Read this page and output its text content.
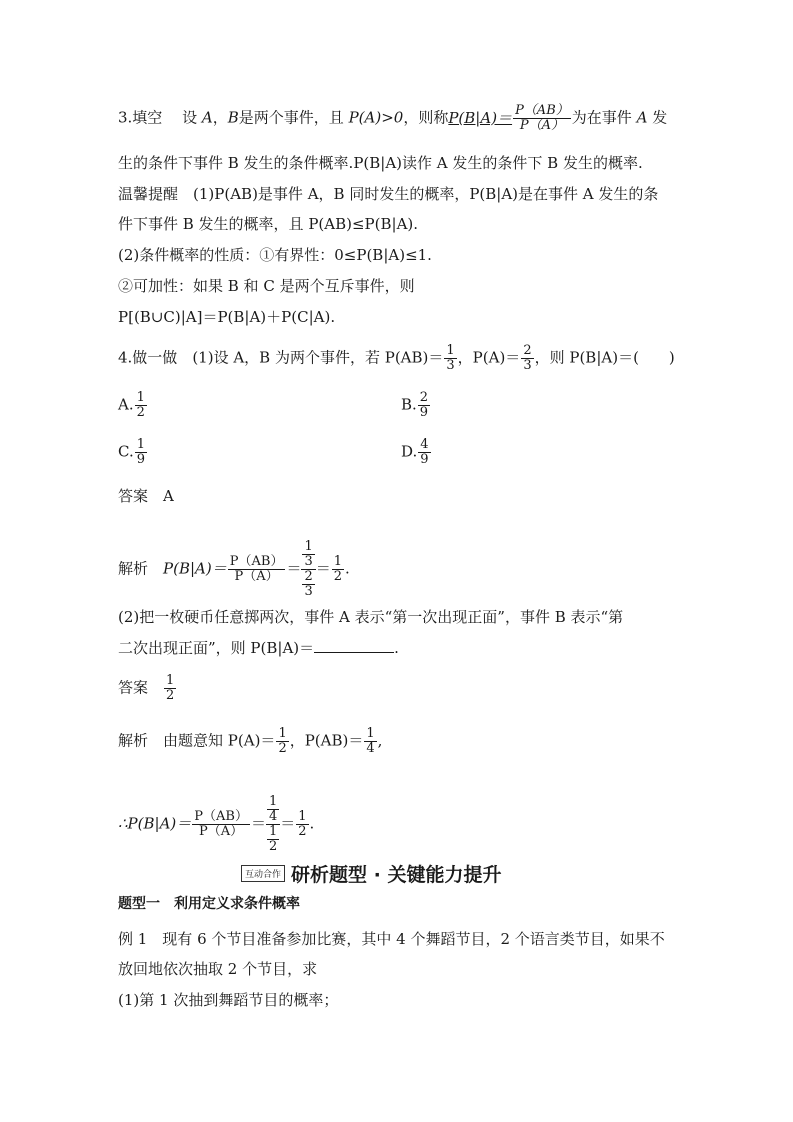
3.填空　 设 A，B是两个事件，且 P(A)>0，则称$P(B|A)= \frac{P(AB)}{P(A)}$ 为在事件 A 发
生的条件下事件 B 发生的条件概率.P(B|A)读作 A 发生的条件下 B 发生的概率.
温馨提醒　 (1)P(AB)是事件 A，B 同时发生的概率，P(B|A)是在事件 A 发生的条
件下事件 B 发生的概率，且 P(AB)≤P(B|A).
(2)条件概率的性质：①有界性：0≤P(B|A)≤1.
②可加性：如果 B 和 C 是两个互斥事件，则
P[(B∪C)|A]＝P(B|A)＋P(C|A).
4.做一做　 (1)设 A，B 为两个事件，若 $P(AB)= \frac{1}{3}$ ，$P(A)= \frac{2}{3}$ ，则 P(B|A)＝(　　)
A. $\frac{1}{2}$	B. $\frac{2}{9}$
C. $\frac{1}{9}$	D. $\frac{4}{9}$
答案　 A
解析　 $P(B|A)= \frac{P(AB)}{P(A)} = \frac{\frac{1}{3}}{\frac{2}{3}} = \frac{1}{2}$ .
(2)把一枚硬币任意掷两次，事件 A 表示“第一次出现正面”，事件 B 表示“第
二次出现正面”，则 P(B|A)＝	.
答案　 $\frac{1}{2}$
解析　 由题意知 $P(A)= \frac{1}{2}$ ，$P(AB)= \frac{1}{4}$ ,
∴P(B|A)＝ $\frac{P(AB)}{P(A)} = \frac{\frac{1}{4}}{\frac{1}{2}} = \frac{1}{2}$ .
互动合作 研析题型 · 关键能力提升
题型一　利用定义求条件概率
例 1　现有 6 个节目准备参加比赛，其中 4 个舞蹈节目，2 个语言类节目，如果不
放回地依次抽取 2 个节目，求
(1)第 1 次抽到舞蹈节目的概率；
